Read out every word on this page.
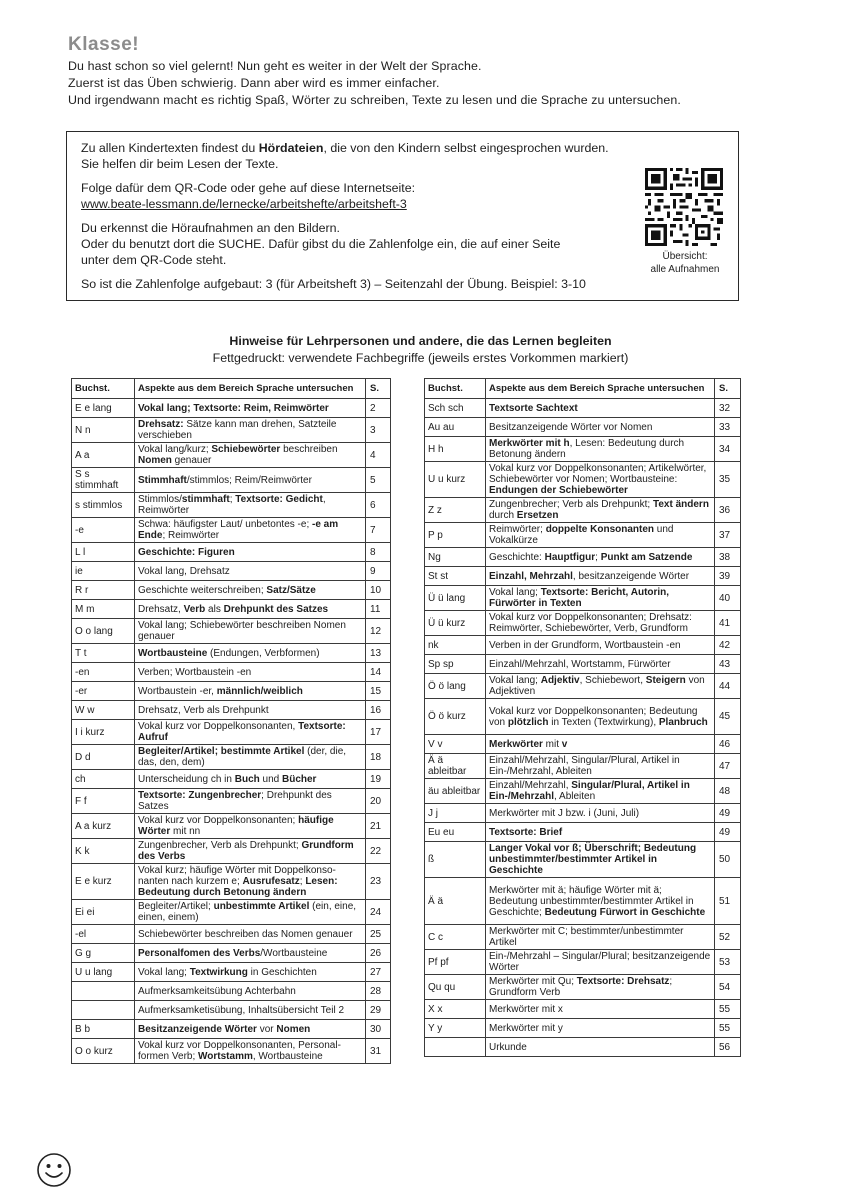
Klasse!
Du hast schon so viel gelernt! Nun geht es weiter in der Welt der Sprache.
Zuerst ist das Üben schwierig. Dann aber wird es immer einfacher.
Und irgendwann macht es richtig Spaß, Wörter zu schreiben, Texte zu lesen und die Sprache zu untersuchen.
Zu allen Kindertexten findest du Hördateien, die von den Kindern selbst eingesprochen wurden.
Sie helfen dir beim Lesen der Texte.
Folge dafür dem QR-Code oder gehe auf diese Internetseite:
www.beate-lessmann.de/lernecke/arbeitshefte/arbeitsheft-3
Du erkennst die Höraufnahmen an den Bildern.
Oder du benutzt dort die SUCHE. Dafür gibst du die Zahlenfolge ein, die auf einer Seite
unter dem QR-Code steht.
So ist die Zahlenfolge aufgebaut: 3 (für Arbeitsheft 3) – Seitenzahl der Übung. Beispiel: 3-10
Übersicht:
alle Aufnahmen
Hinweise für Lehrpersonen und andere, die das Lernen begleiten
Fettgedruckt: verwendete Fachbegriffe (jeweils erstes Vorkommen markiert)
Buchst.	Aspekte aus dem Bereich Sprache untersuchen	S.
E e lang	Vokal lang; Textsorte: Reim, Reimwörter	2
N n	Drehsatz: Sätze kann man drehen, Satzteile verschieben	3
A a	Vokal lang/kurz; Schiebewörter beschreiben Nomen genauer	4
S s stimmhaft	Stimmhaft/stimmlos; Reim/Reimwörter	5
s stimmlos	Stimmlos/stimmhaft; Textsorte: Gedicht, Reimwörter	6
-e	Schwa: häufigster Laut/ unbetontes -e; -e am Ende; Reimwörter	7
L l	Geschichte: Figuren	8
ie	Vokal lang, Drehsatz	9
R r	Geschichte weiterschreiben; Satz/Sätze	10
M m	Drehsatz, Verb als Drehpunkt des Satzes	11
O o lang	Vokal lang; Schiebewörter beschreiben Nomen genauer	12
T t	Wortbausteine (Endungen, Verbformen)	13
-en	Verben; Wortbaustein -en	14
-er	Wortbaustein -er, männlich/weiblich	15
W w	Drehsatz, Verb als Drehpunkt	16
I i kurz	Vokal kurz vor Doppelkonsonanten, Textsorte: Aufruf	17
D d	Begleiter/Artikel; bestimmte Artikel (der, die, das, den, dem)	18
ch	Unterscheidung ch in Buch und Bücher	19
F f	Textsorte: Zungenbrecher; Drehpunkt des Satzes	20
A a kurz	Vokal kurz vor Doppelkonsonanten; häufige Wörter mit nn	21
K k	Zungenbrecher, Verb als Drehpunkt; Grundform des Verbs	22
E e kurz	Vokal kurz; häufige Wörter mit Doppelkonsonanten nach kurzem e; Ausrufesatz; Lesen: Bedeutung durch Betonung ändern	23
Ei ei	Begleiter/Artikel; unbestimmte Artikel (ein, eine, einen, einem)	24
-el	Schiebewörter beschreiben das Nomen genauer	25
G g	Personalfomen des Verbs/Wortbausteine	26
U u lang	Vokal lang; Textwirkung in Geschichten	27
	Aufmerksamkeitsübung Achterbahn	28
	Aufmerksamketisübung, Inhaltsübersicht Teil 2	29
B b	Besitzanzeigende Wörter vor Nomen	30
O o kurz	Vokal kurz vor Doppelkonsonanten, Personalformen Verb; Wortstamm, Wortbausteine	31
Buchst.	Aspekte aus dem Bereich Sprache untersuchen	S.
Sch sch	Textsorte Sachtext	32
Au au	Besitzanzeigende Wörter vor Nomen	33
H h	Merkwörter mit h, Lesen: Bedeutung durch Betonung ändern	34
U u kurz	Vokal kurz vor Doppelkonsonanten; Artikelwörter, Schiebewörter vor Nomen; Wortbausteine: Endungen der Schiebewörter	35
Z z	Zungenbrecher; Verb als Drehpunkt; Text ändern durch Ersetzen	36
P p	Reimwörter; doppelte Konsonanten und Vokalkürze	37
Ng	Geschichte: Hauptfigur; Punkt am Satzende	38
St st	Einzahl, Mehrzahl, besitzanzeigende Wörter	39
Ü ü lang	Vokal lang; Textsorte: Bericht, Autorin, Fürwörter in Texten	40
Ü ü kurz	Vokal kurz vor Doppelkonsonanten; Drehsatz: Reimwörter, Schiebewörter, Verb, Grundform	41
nk	Verben in der Grundform, Wortbaustein -en	42
Sp sp	Einzahl/Mehrzahl, Wortstamm, Fürwörter	43
Ö ö lang	Vokal lang; Adjektiv, Schiebewort, Steigern von Adjektiven	44
Ö ö kurz	Vokal kurz vor Doppelkonsonanten; Bedeutung von plötzlich in Texten (Textwirkung), Planbruch	45
V v	Merkwörter mit v	46
Ä ä ableitbar	Einzahl/Mehrzahl, Singular/Plural, Artikel in Ein-/Mehrzahl, Ableiten	47
äu ableitbar	Einzahl/Mehrzahl, Singular/Plural, Artikel in Ein-/Mehrzahl, Ableiten	48
J j	Merkwörter mit J bzw. i (Juni, Juli)	49
Eu eu	Textsorte: Brief	49
ß	Langer Vokal vor ß; Überschrift; Bedeutung unbestimmter/bestimmter Artikel in Geschichte	50
Ä ä	Merkwörter mit ä; häufige Wörter mit ä; Bedeutung unbestimmter/bestimmter Artikel in Geschichte; Bedeutung Fürwort in Geschichte	51
C c	Merkwörter mit C; bestimmter/unbestimmter Artikel	52
Pf pf	Ein-/Mehrzahl – Singular/Plural; besitzanzeigende Wörter	53
Qu qu	Merkwörter mit Qu; Textsorte: Drehsatz; Grundform Verb	54
X x	Merkwörter mit x	55
Y y	Merkwörter mit y	55
	Urkunde	56
